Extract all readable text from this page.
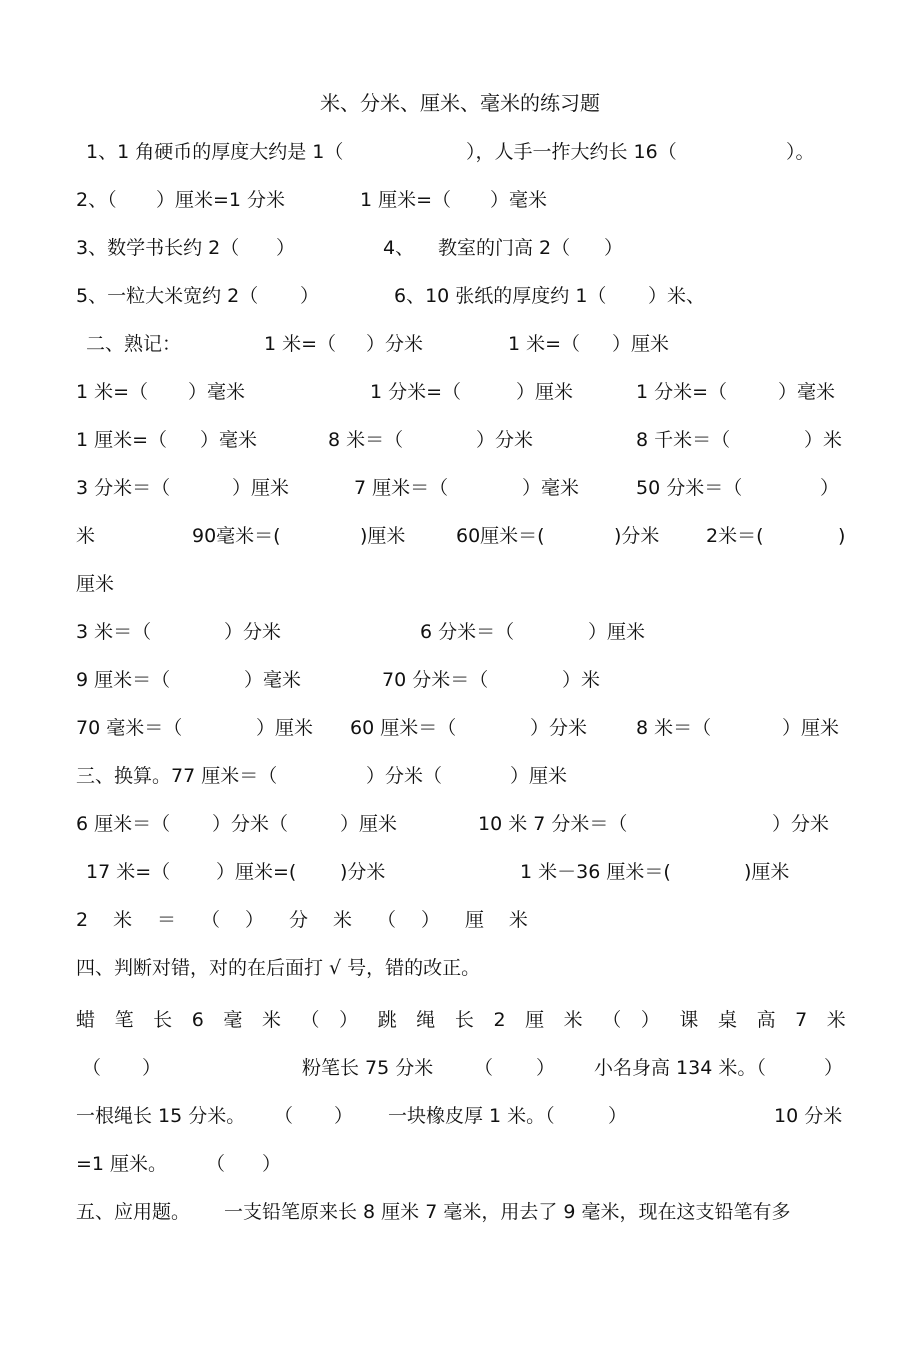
米、分米、厘米、毫米的练习题

1、1 角硬币的厚度大约是 1（

	），人手一拃大约长 16（

	）。

2、（

）厘米=1 分米

	1 厘米=（

）毫米

3、数学书长约 2（

）

	4、

教室的门高 2（

）

5、一粒大米宽约 2（

）

	6、10 张纸的厚度约 1（

）米、

二、熟记：

	1 米=（

）分米

	1 米=（

）厘米

1 米=（

）毫米

	1 分米=（

	）厘米

	1 分米=（

	）毫米

1 厘米=（

）毫米

	8 米＝（

	）分米

	8 千米＝（

	）米

3 分米＝（

	）厘米

	7 厘米＝（

	）毫米

	50 分米＝（

	）

米

	90毫米＝(

	)厘米

	60厘米＝(

	)分米

2米＝(

	)

厘米

3 米＝（

	）分米

	6 分米＝（

	）厘米

9 厘米＝（

	）毫米

	70 分米＝（

	）米

70 毫米＝（

	）厘米

60 厘米＝（

	）分米

	8 米＝（

	）厘米

三、换算。77 厘米＝（

	）分米（

	）厘米

6 厘米＝（

）分米（

	）厘米

	10 米 7 分米＝（

	）分米

17 米=（

）厘米=(

)分米

	1 米－36 厘米＝(

	)厘米

2 米 ＝ （ ） 分 米 （ ） 厘 米

四、判断对错，对的在后面打 √ 号，错的改正。

蜡 笔 长 6 毫 米 （ ） 跳 绳 长 2 厘 米 （ ） 课 桌 高 7 米

（

）

	粉笔长 75 分米

（

）

小名身高 134 米。（

	）

一根绳长 15 分米。

（

）

一块橡皮厚 1 米。（

	）

	10 分米

=1 厘米。

（

）

五、应用题。

一支铅笔原来长 8 厘米 7 毫米，用去了 9 毫米，现在这支铅笔有多
